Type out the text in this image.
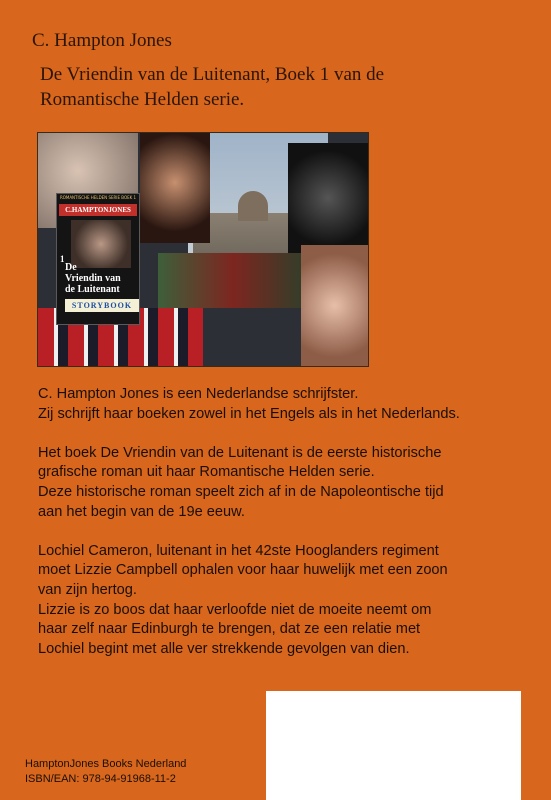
C. Hampton Jones
De Vriendin van de Luitenant, Boek 1 van de
Romantische Helden serie.
ROMANTISCHE HELDEN SERIE BOEK 1
C.HAMPTONJONES
1
De
Vriendin van
de Luitenant
STORYBOOK

C. Hampton Jones is een Nederlandse schrijfster.

Zij schrijft haar boeken zowel in het Engels als in het Nederlands.

Het boek De Vriendin van de Luitenant is de eerste historische

grafische roman uit haar Romantische Helden serie.

Deze historische roman speelt zich af in de Napoleontische tijd

aan het begin van de 19e eeuw.

Lochiel Cameron, luitenant in het 42ste Hooglanders regiment

moet Lizzie Campbell ophalen voor haar huwelijk met een zoon

van zijn hertog.

Lizzie is zo boos dat haar verloofde niet de moeite neemt om

haar zelf naar Edinburgh te brengen, dat ze een relatie met

Lochiel begint met alle ver strekkende gevolgen van dien.

HamptonJones Books Nederland
ISBN/EAN: 978-94-91968-11-2
